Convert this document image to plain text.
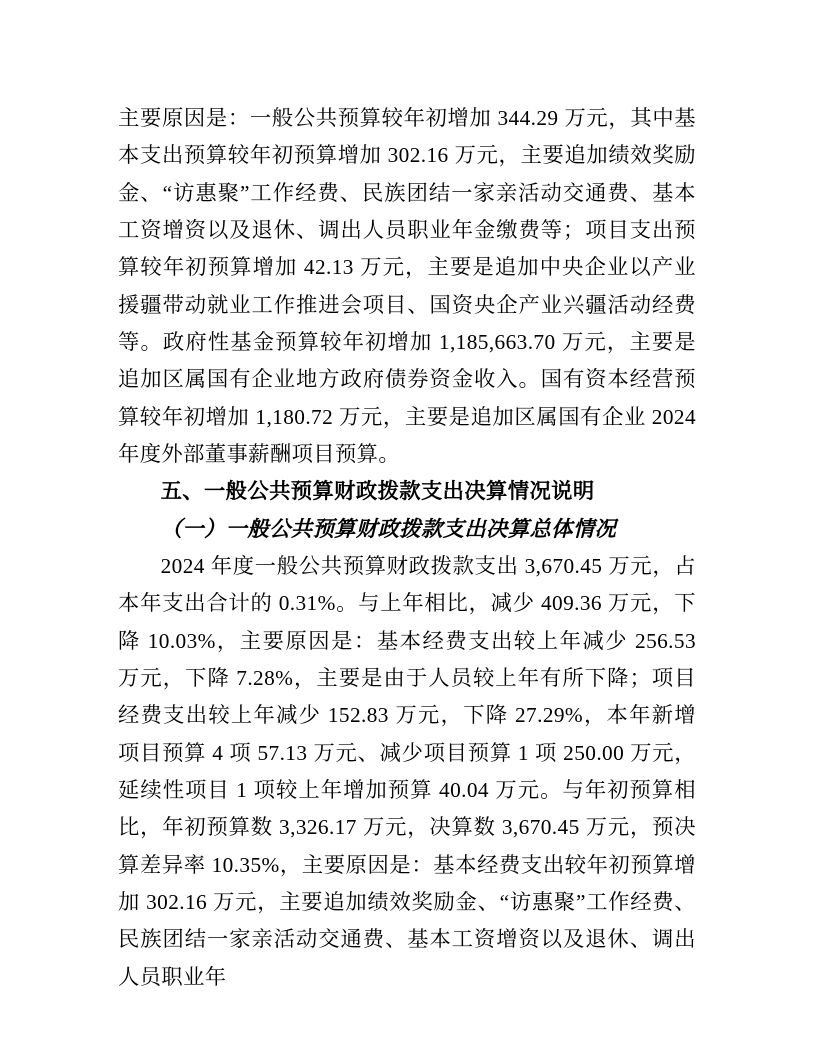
主要原因是：一般公共预算较年初增加 344.29 万元，其中基本支出预算较年初预算增加 302.16 万元，主要追加绩效奖励金、“访惠聚”工作经费、民族团结一家亲活动交通费、基本工资增资以及退休、调出人员职业年金缴费等；项目支出预算较年初预算增加 42.13 万元，主要是追加中央企业以产业援疆带动就业工作推进会项目、国资央企产业兴疆活动经费等。政府性基金预算较年初增加 1,185,663.70 万元，主要是追加区属国有企业地方政府债券资金收入。国有资本经营预算较年初增加 1,180.72 万元，主要是追加区属国有企业 2024 年度外部董事薪酬项目预算。

五、一般公共预算财政拨款支出决算情况说明

（一）一般公共预算财政拨款支出决算总体情况

2024 年度一般公共预算财政拨款支出 3,670.45 万元，占本年支出合计的 0.31%。与上年相比，减少 409.36 万元，下降 10.03%，主要原因是：基本经费支出较上年减少 256.53 万元，下降 7.28%，主要是由于人员较上年有所下降；项目经费支出较上年减少 152.83 万元，下降 27.29%，本年新增项目预算 4 项 57.13 万元、减少项目预算 1 项 250.00 万元，延续性项目 1 项较上年增加预算 40.04 万元。与年初预算相比，年初预算数 3,326.17 万元，决算数 3,670.45 万元，预决算差异率 10.35%，主要原因是：基本经费支出较年初预算增加 302.16 万元，主要追加绩效奖励金、“访惠聚”工作经费、民族团结一家亲活动交通费、基本工资增资以及退休、调出人员职业年
